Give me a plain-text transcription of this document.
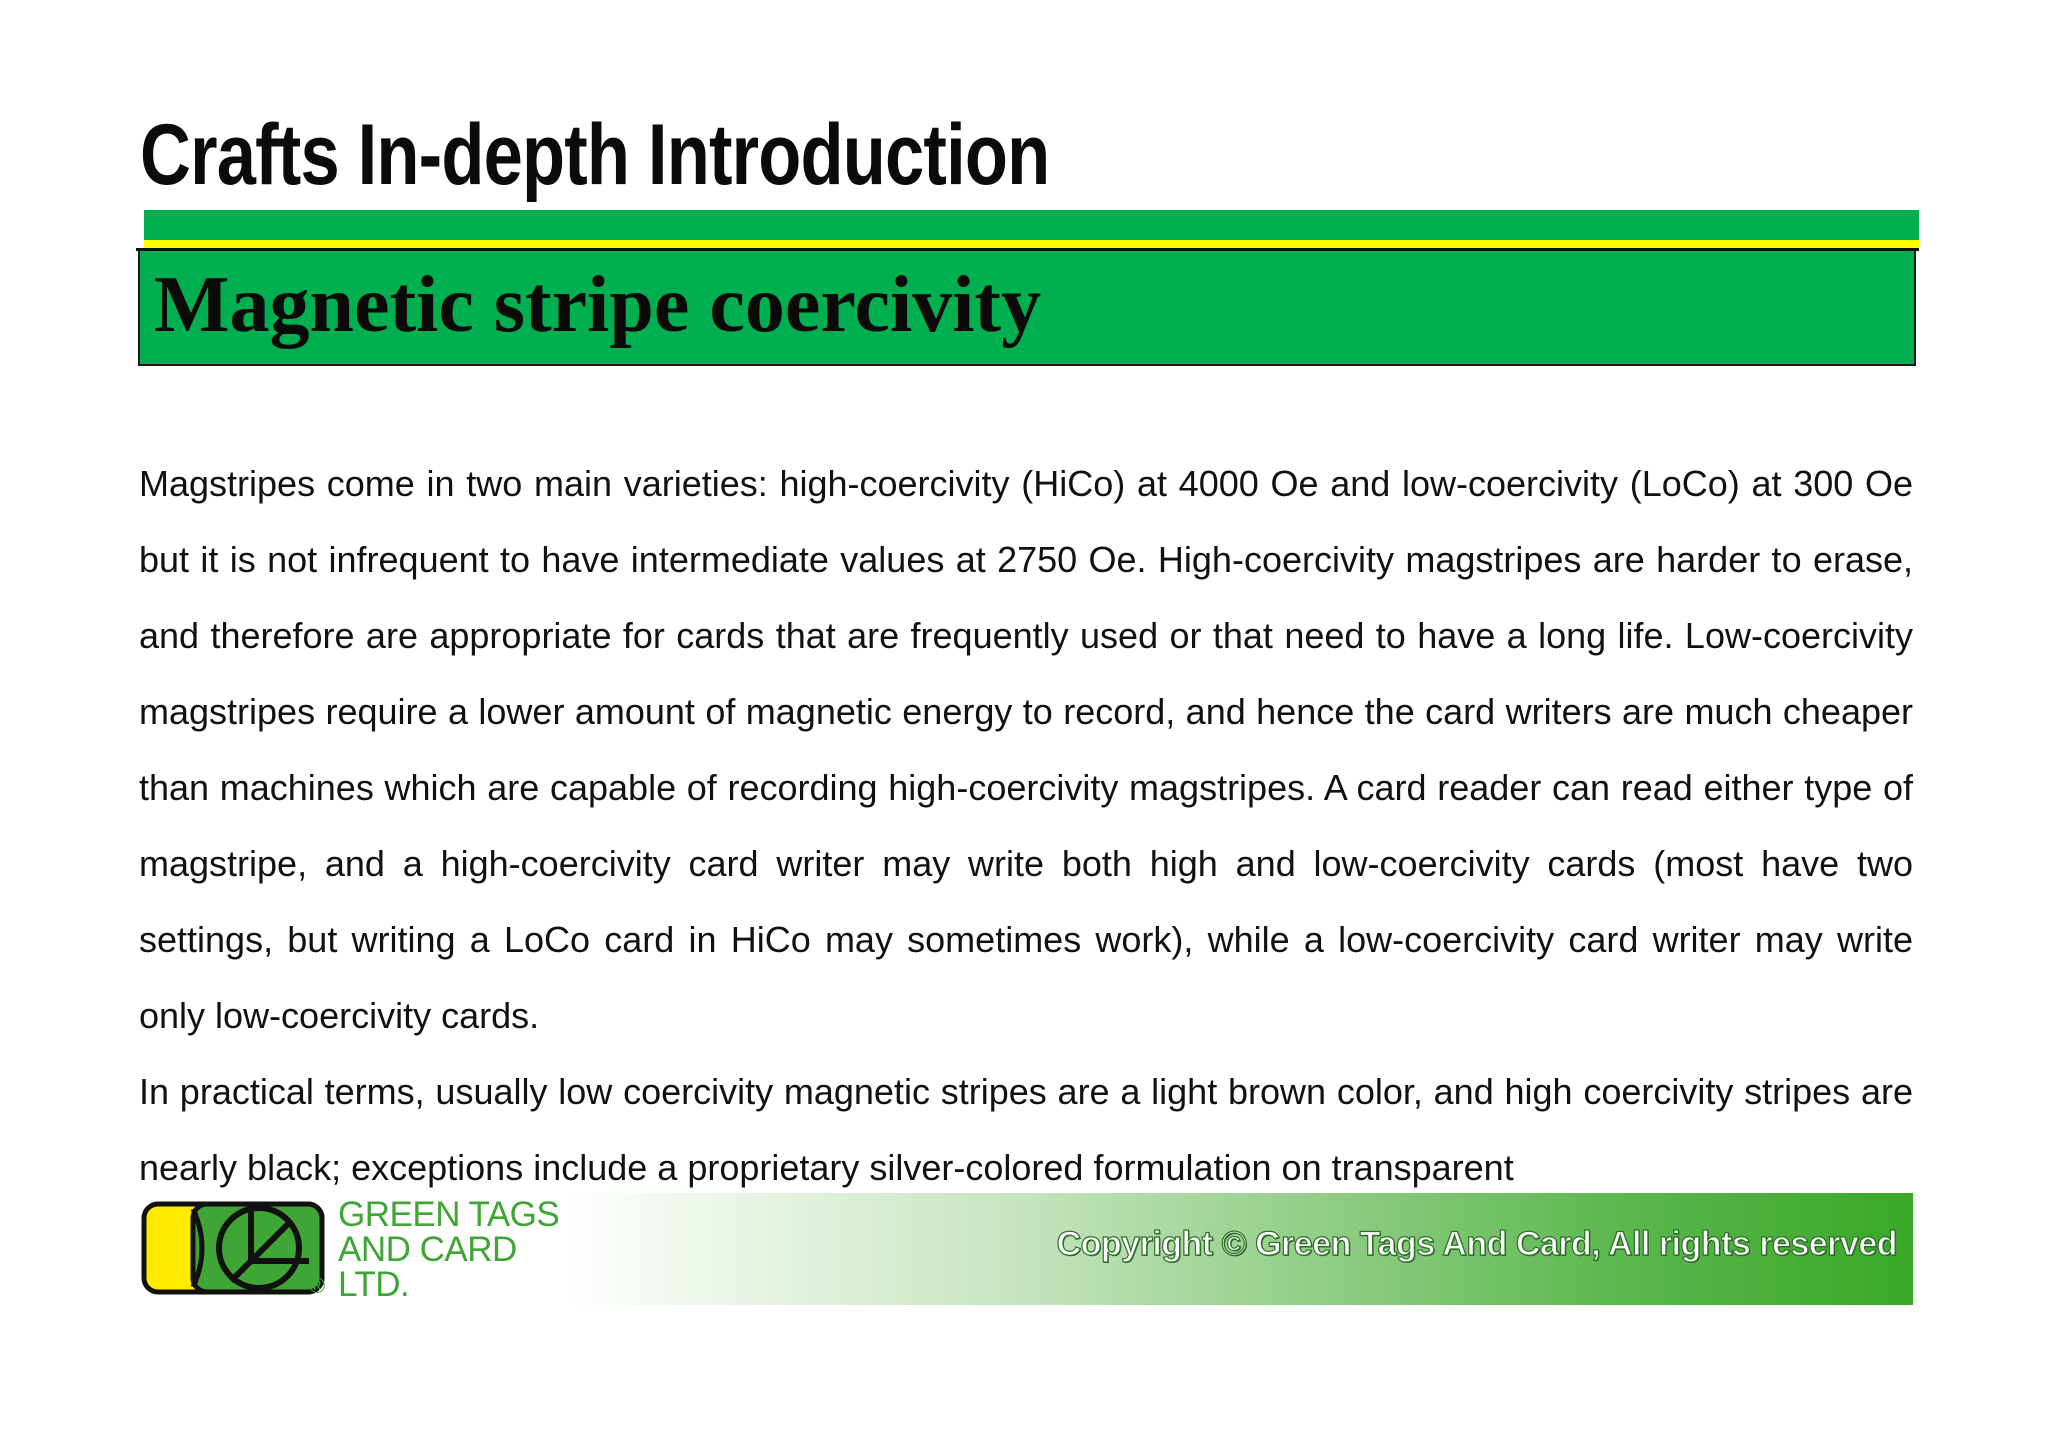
Crafts In-depth Introduction
Magnetic stripe coercivity

Magstripes come in two main varieties: high-coercivity (HiCo) at 4000 Oe and low-coercivity (LoCo) at 300 Oe but it is not infrequent to have intermediate values at 2750 Oe. High-coercivity magstripes are harder to erase, and therefore are appropriate for cards that are frequently used or that need to have a long life. Low-coercivity magstripes require a lower amount of magnetic energy to record, and hence the card writers are much cheaper than machines which are capable of recording high-coercivity magstripes. A card reader can read either type of magstripe, and a high-coercivity card writer may write both high and low-coercivity cards (most have two settings, but writing a LoCo card in HiCo may sometimes work), while a low-coercivity card writer may write only low-coercivity cards.

In practical terms, usually low coercivity magnetic stripes are a light brown color, and high coercivity stripes are nearly black; exceptions include a proprietary silver-colored formulation on transparent

®

GREEN TAGS
AND CARD
LTD.

Copyright © Green Tags And Card, All rights reserved
